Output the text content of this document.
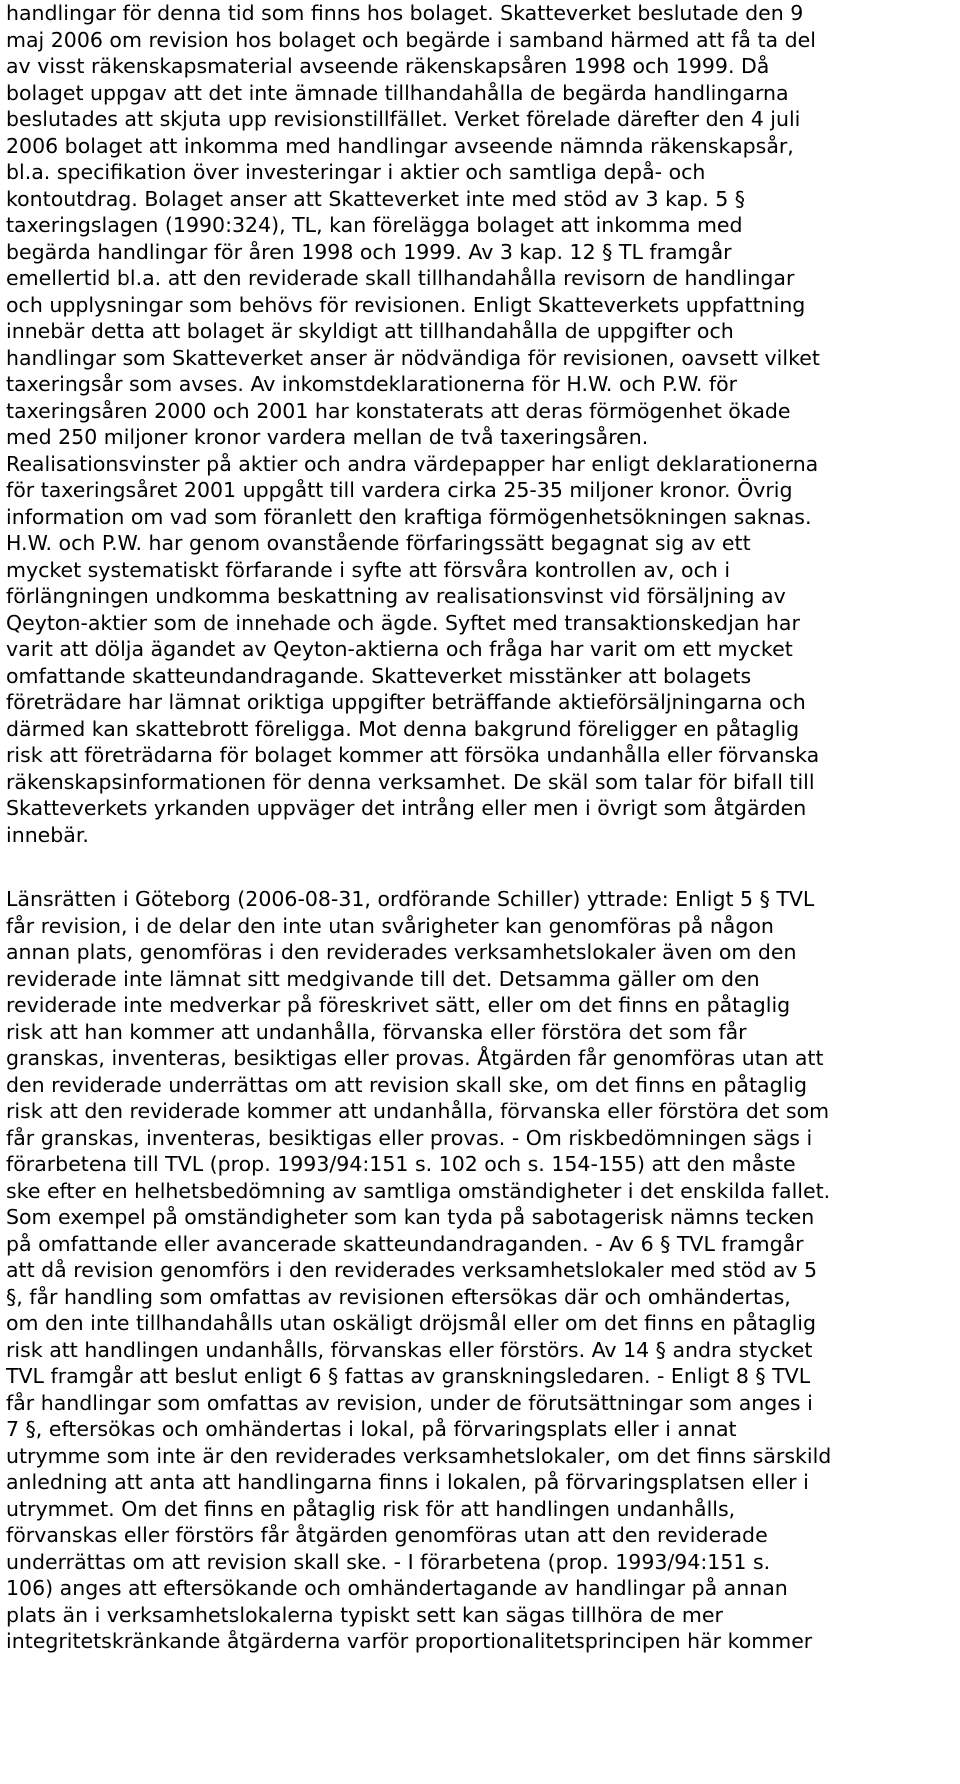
handlingar för denna tid som finns hos bolaget. Skatteverket beslutade den 9
maj 2006 om revision hos bolaget och begärde i samband härmed att få ta del
av visst räkenskapsmaterial avseende räkenskapsåren 1998 och 1999. Då
bolaget uppgav att det inte ämnade tillhandahålla de begärda handlingarna
beslutades att skjuta upp revisionstillfället. Verket förelade därefter den 4 juli
2006 bolaget att inkomma med handlingar avseende nämnda räkenskapsår,
bl.a. specifikation över investeringar i aktier och samtliga depå- och
kontoutdrag. Bolaget anser att Skatteverket inte med stöd av 3 kap. 5 §
taxeringslagen (1990:324), TL, kan förelägga bolaget att inkomma med
begärda handlingar för åren 1998 och 1999. Av 3 kap. 12 § TL framgår
emellertid bl.a. att den reviderade skall tillhandahålla revisorn de handlingar
och upplysningar som behövs för revisionen. Enligt Skatteverkets uppfattning
innebär detta att bolaget är skyldigt att tillhandahålla de uppgifter och
handlingar som Skatteverket anser är nödvändiga för revisionen, oavsett vilket
taxeringsår som avses. Av inkomstdeklarationerna för H.W. och P.W. för
taxeringsåren 2000 och 2001 har konstaterats att deras förmögenhet ökade
med 250 miljoner kronor vardera mellan de två taxeringsåren.
Realisationsvinster på aktier och andra värdepapper har enligt deklarationerna
för taxeringsåret 2001 uppgått till vardera cirka 25-35 miljoner kronor. Övrig
information om vad som föranlett den kraftiga förmögenhetsökningen saknas.
H.W. och P.W. har genom ovanstående förfaringssätt begagnat sig av ett
mycket systematiskt förfarande i syfte att försvåra kontrollen av, och i
förlängningen undkomma beskattning av realisationsvinst vid försäljning av
Qeyton-aktier som de innehade och ägde. Syftet med transaktionskedjan har
varit att dölja ägandet av Qeyton-aktierna och fråga har varit om ett mycket
omfattande skatteundandragande. Skatteverket misstänker att bolagets
företrädare har lämnat oriktiga uppgifter beträffande aktieförsäljningarna och
därmed kan skattebrott föreligga. Mot denna bakgrund föreligger en påtaglig
risk att företrädarna för bolaget kommer att försöka undanhålla eller förvanska
räkenskapsinformationen för denna verksamhet. De skäl som talar för bifall till
Skatteverkets yrkanden uppväger det intrång eller men i övrigt som åtgärden
innebär.
Länsrätten i Göteborg (2006-08-31, ordförande Schiller) yttrade: Enligt 5 § TVL
får revision, i de delar den inte utan svårigheter kan genomföras på någon
annan plats, genomföras i den reviderades verksamhetslokaler även om den
reviderade inte lämnat sitt medgivande till det. Detsamma gäller om den
reviderade inte medverkar på föreskrivet sätt, eller om det finns en påtaglig
risk att han kommer att undanhålla, förvanska eller förstöra det som får
granskas, inventeras, besiktigas eller provas. Åtgärden får genomföras utan att
den reviderade underrättas om att revision skall ske, om det finns en påtaglig
risk att den reviderade kommer att undanhålla, förvanska eller förstöra det som
får granskas, inventeras, besiktigas eller provas. - Om riskbedömningen sägs i
förarbetena till TVL (prop. 1993/94:151 s. 102 och s. 154-155) att den måste
ske efter en helhetsbedömning av samtliga omständigheter i det enskilda fallet.
Som exempel på omständigheter som kan tyda på sabotagerisk nämns tecken
på omfattande eller avancerade skatteundandraganden. - Av 6 § TVL framgår
att då revision genomförs i den reviderades verksamhetslokaler med stöd av 5
§, får handling som omfattas av revisionen eftersökas där och omhändertas,
om den inte tillhandahålls utan oskäligt dröjsmål eller om det finns en påtaglig
risk att handlingen undanhålls, förvanskas eller förstörs. Av 14 § andra stycket
TVL framgår att beslut enligt 6 § fattas av granskningsledaren. - Enligt 8 § TVL
får handlingar som omfattas av revision, under de förutsättningar som anges i
7 §, eftersökas och omhändertas i lokal, på förvaringsplats eller i annat
utrymme som inte är den reviderades verksamhetslokaler, om det finns särskild
anledning att anta att handlingarna finns i lokalen, på förvaringsplatsen eller i
utrymmet. Om det finns en påtaglig risk för att handlingen undanhålls,
förvanskas eller förstörs får åtgärden genomföras utan att den reviderade
underrättas om att revision skall ske. - I förarbetena (prop. 1993/94:151 s.
106) anges att eftersökande och omhändertagande av handlingar på annan
plats än i verksamhetslokalerna typiskt sett kan sägas tillhöra de mer
integritetskränkande åtgärderna varför proportionalitetsprincipen här kommer
